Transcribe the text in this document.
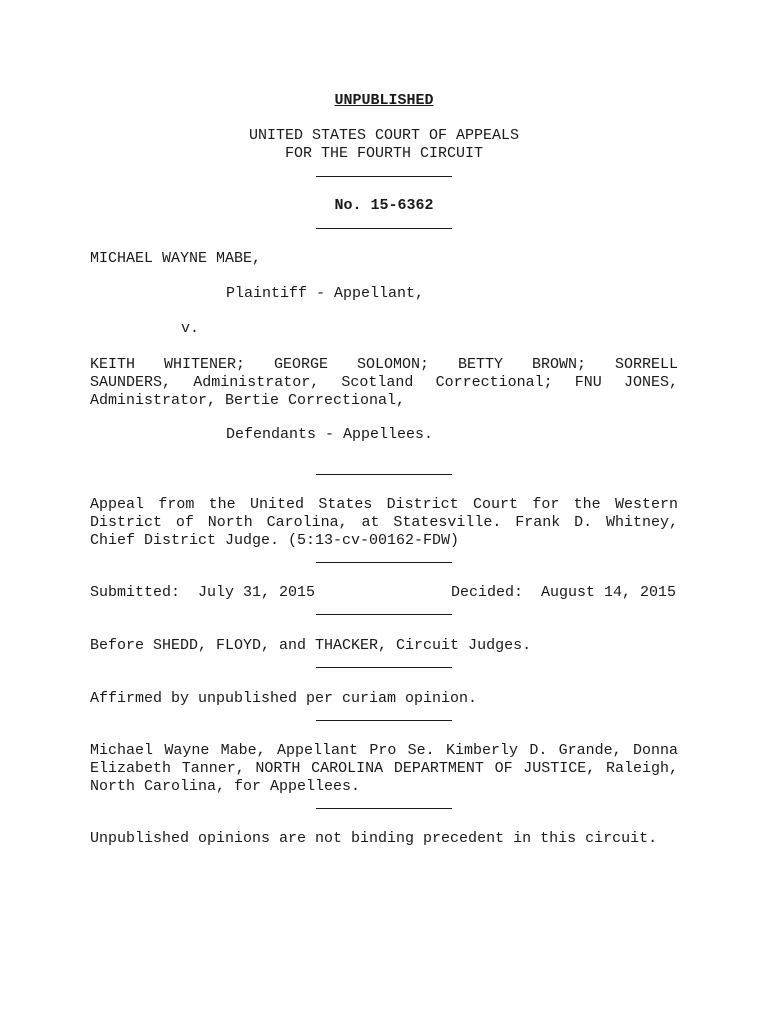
UNPUBLISHED

UNITED STATES COURT OF APPEALS

FOR THE FOURTH CIRCUIT

No. 15-6362

MICHAEL WAYNE MABE,

Plaintiff - Appellant,

v.

KEITH WHITENER; GEORGE SOLOMON; BETTY BROWN; SORRELL
SAUNDERS, Administrator, Scotland Correctional; FNU JONES,
Administrator, Bertie Correctional,

Defendants - Appellees.

Appeal from the United States District Court for the Western
District of North Carolina, at Statesville. Frank D. Whitney,
Chief District Judge. (5:13-cv-00162-FDW)

Submitted:  July 31, 2015	Decided:  August 14, 2015

Before SHEDD, FLOYD, and THACKER, Circuit Judges.

Affirmed by unpublished per curiam opinion.

Michael Wayne Mabe, Appellant Pro Se. Kimberly D. Grande, Donna
Elizabeth Tanner, NORTH CAROLINA DEPARTMENT OF JUSTICE, Raleigh,
North Carolina, for Appellees.

Unpublished opinions are not binding precedent in this circuit.
